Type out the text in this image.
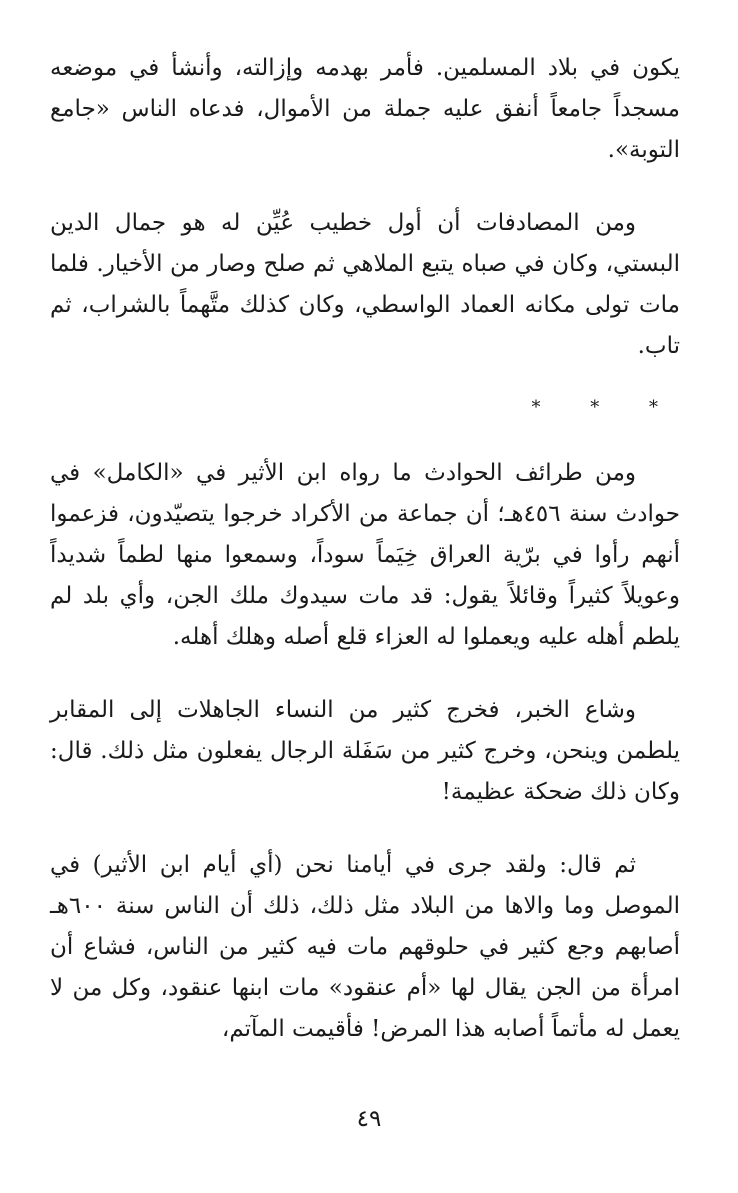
يكون في بلاد المسلمين. فأمر بهدمه وإزالته، وأنشأ في موضعه مسجداً جامعاً أنفق عليه جملة من الأموال، فدعاه الناس «جامع التوبة».

ومن المصادفات أن أول خطيب عُيِّن له هو جمال الدين البستي، وكان في صباه يتبع الملاهي ثم صلح وصار من الأخيار. فلما مات تولى مكانه العماد الواسطي، وكان كذلك متَّهماً بالشراب، ثم تاب.

* * *

ومن طرائف الحوادث ما رواه ابن الأثير في «الكامل» في حوادث سنة ٤٥٦هـ؛ أن جماعة من الأكراد خرجوا يتصيّدون، فزعموا أنهم رأوا في برّية العراق خِيَماً سوداً، وسمعوا منها لطماً شديداً وعويلاً كثيراً وقائلاً يقول: قد مات سيدوك ملك الجن، وأي بلد لم يلطم أهله عليه ويعملوا له العزاء قلع أصله وهلك أهله.

وشاع الخبر، فخرج كثير من النساء الجاهلات إلى المقابر يلطمن وينحن، وخرج كثير من سَفَلة الرجال يفعلون مثل ذلك. قال: وكان ذلك ضحكة عظيمة!

ثم قال: ولقد جرى في أيامنا نحن (أي أيام ابن الأثير) في الموصل وما والاها من البلاد مثل ذلك، ذلك أن الناس سنة ٦٠٠هـ أصابهم وجع كثير في حلوقهم مات فيه كثير من الناس، فشاع أن امرأة من الجن يقال لها «أم عنقود» مات ابنها عنقود، وكل من لا يعمل له مأتماً أصابه هذا المرض! فأقيمت المآتم،

٤٩
